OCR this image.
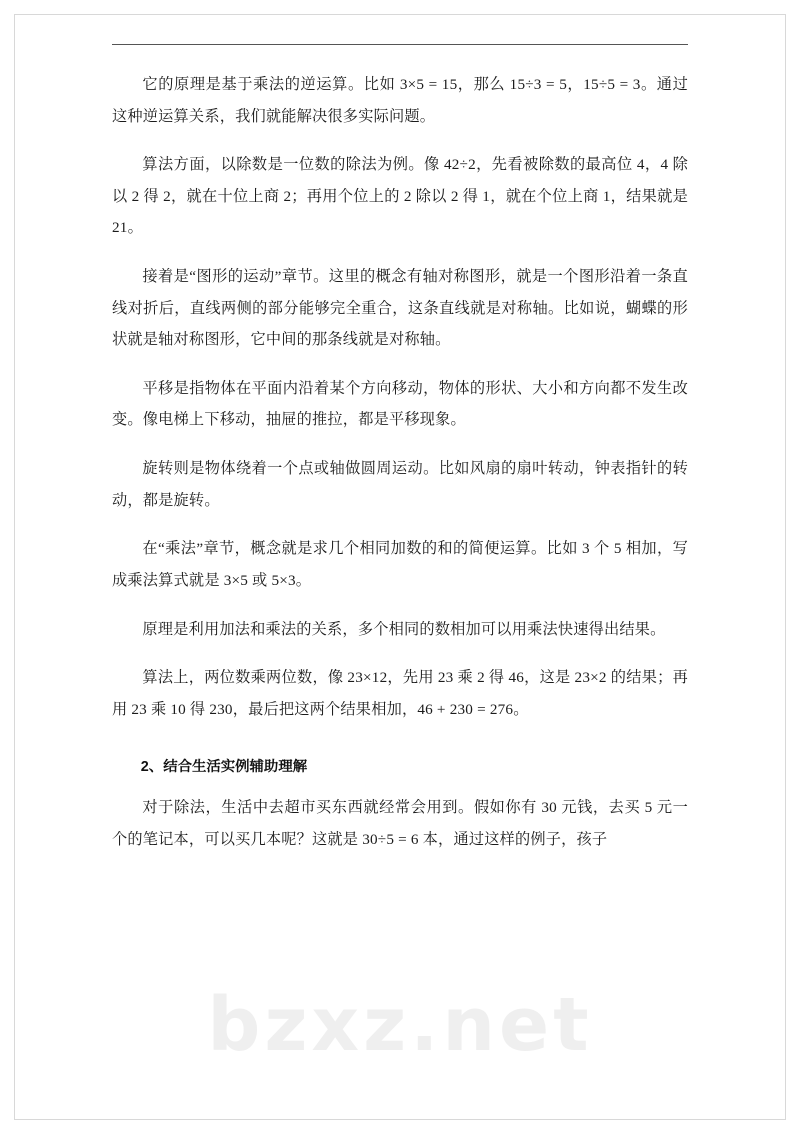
它的原理是基于乘法的逆运算。比如 3×5 = 15，那么 15÷3 = 5，15÷5 = 3。通过这种逆运算关系，我们就能解决很多实际问题。

算法方面，以除数是一位数的除法为例。像 42÷2，先看被除数的最高位 4，4 除以 2 得 2，就在十位上商 2；再用个位上的 2 除以 2 得 1，就在个位上商 1，结果就是 21。

接着是“图形的运动”章节。这里的概念有轴对称图形，就是一个图形沿着一条直线对折后，直线两侧的部分能够完全重合，这条直线就是对称轴。比如说，蝴蝶的形状就是轴对称图形，它中间的那条线就是对称轴。

平移是指物体在平面内沿着某个方向移动，物体的形状、大小和方向都不发生改变。像电梯上下移动，抽屉的推拉，都是平移现象。

旋转则是物体绕着一个点或轴做圆周运动。比如风扇的扇叶转动，钟表指针的转动，都是旋转。

在“乘法”章节，概念就是求几个相同加数的和的简便运算。比如 3 个 5 相加，写成乘法算式就是 3×5 或 5×3。

原理是利用加法和乘法的关系，多个相同的数相加可以用乘法快速得出结果。

算法上，两位数乘两位数，像 23×12，先用 23 乘 2 得 46，这是 23×2 的结果；再用 23 乘 10 得 230，最后把这两个结果相加，46 + 230 = 276。

2、结合生活实例辅助理解

对于除法，生活中去超市买东西就经常会用到。假如你有 30 元钱，去买 5 元一个的笔记本，可以买几本呢？这就是 30÷5 = 6 本，通过这样的例子，孩子

bzxz.net
